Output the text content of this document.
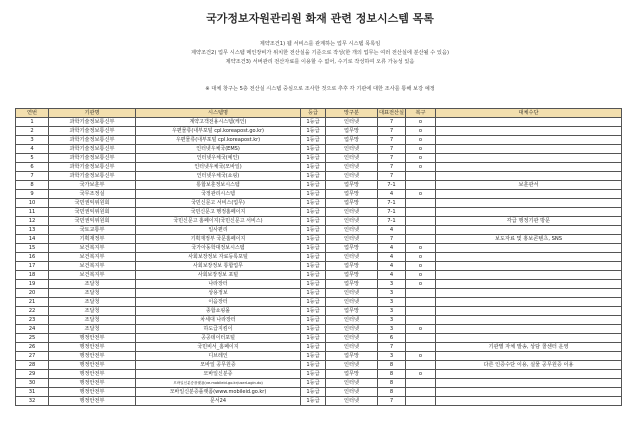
국가정보자원관리원 화재 관련 정보시스템 목록
제약조건1) 웹 서비스를 관계하는 업무 시스템 목록임
제약조건2) 업무 시스템 메인장비가 위치한 전산실을 기준으로 작성(한 개의 업무는 여러 전산실에 분산될 수 있음)
제약조건3) 서버관리 전산자료를 이용할 수 없어, 수기로 작성하여 오류 가능성 있음
※ 대체 창구는 5층 전산실 시스템 중심으로 조사한 것으로 추후 각 기관에 대한 조사를 통해 보강 예정
연번	기관명	시스템명	등급	망구분	대표전산실	복구	대체수단
1	과학기술정보통신부	계약고객전용시스템(케인)	1등급	인터넷	7	o	
2	과학기술정보통신부	우편물류(내부포털 cpl.koreapost.go.kr)	1등급	업무망	7	o	
3	과학기술정보통신부	우편물류(내부포털 cpl.koreapost.kr)	1등급	업무망	7	o	
4	과학기술정보통신부	인터넷우체국(EMS)	1등급	인터넷	7	o	
5	과학기술정보통신부	인터넷우체국(예인)	1등급	인터넷	7	o	
6	과학기술정보통신부	인터넷우체국(모바일)	1등급	인터넷	7	o	
7	과학기술정보통신부	인터넷우체국(쇼핑)	1등급	인터넷	7		
8	국가보훈부	통합보훈정보시스템	1등급	업무망	7-1		보훈관서
9	국무조정실	국정관리시스템	1등급	업무망	4	o	
10	국민권익위원회	국민신문고 서비스(업무)	1등급	업무망	7-1		
11	국민권익위원회	국민신문고 행정홈페이지	1등급	인터넷	7-1		
12	국민권익위원회	국민신문고 홈페이지(국민신문고 서비스)	1등급	인터넷	7-1		각급 행정기관 방문
13	국토교통부	일사편리	1등급	인터넷	4		
14	기획재정부	기획재정부 국문홈페이지	1등급	인터넷	7		보도자료 및 홍보콘텐츠, SNS
15	보건복지부	국가아동학대정보시스템	1등급	업무망	4	o	
16	보건복지부	사회보장정보 자료등록포털	1등급	인터넷	4	o	
17	보건복지부	사회보장정보 통합업무	1등급	업무망	4	o	
18	보건복지부	사회보장정보 포털	1등급	업무망	4	o	
19	조달청	나라장터	1등급	업무망	3	o	
20	조달청	상용정보	1등급	인터넷	3		
21	조달청	이음장터	1등급	인터넷	3		
22	조달청	종합쇼핑몰	1등급	업무망	3		
23	조달청	차세대 나라장터	1등급	인터넷	3		
24	조달청	하도급지킴이	1등급	인터넷	3	o	
25	행정안전부	공공데이터포털	1등급	인터넷	6		
26	행정안전부	국민비서_홈페이지	1등급	인터넷	7		기관별 자체 발송, 상담 콜센터 운영
27	행정안전부	디브레인	1등급	업무망	3	o	
28	행정안전부	모바일 공무원증	1등급	인터넷	8		다른 인증수단 이용, 실물 공무원증 이용
29	행정안전부	모바일신분증	1등급	업무망	8	o	
30	행정안전부	모바일신분증플랫폼(ve.mobileid.go.kr/userLogin.do)	1등급	인터넷	8		
31	행정안전부	모바일신분증플랫폼(www.mobileid.go.kr)	1등급	인터넷	8		
32	행정안전부	문서24	1등급	인터넷	7		
